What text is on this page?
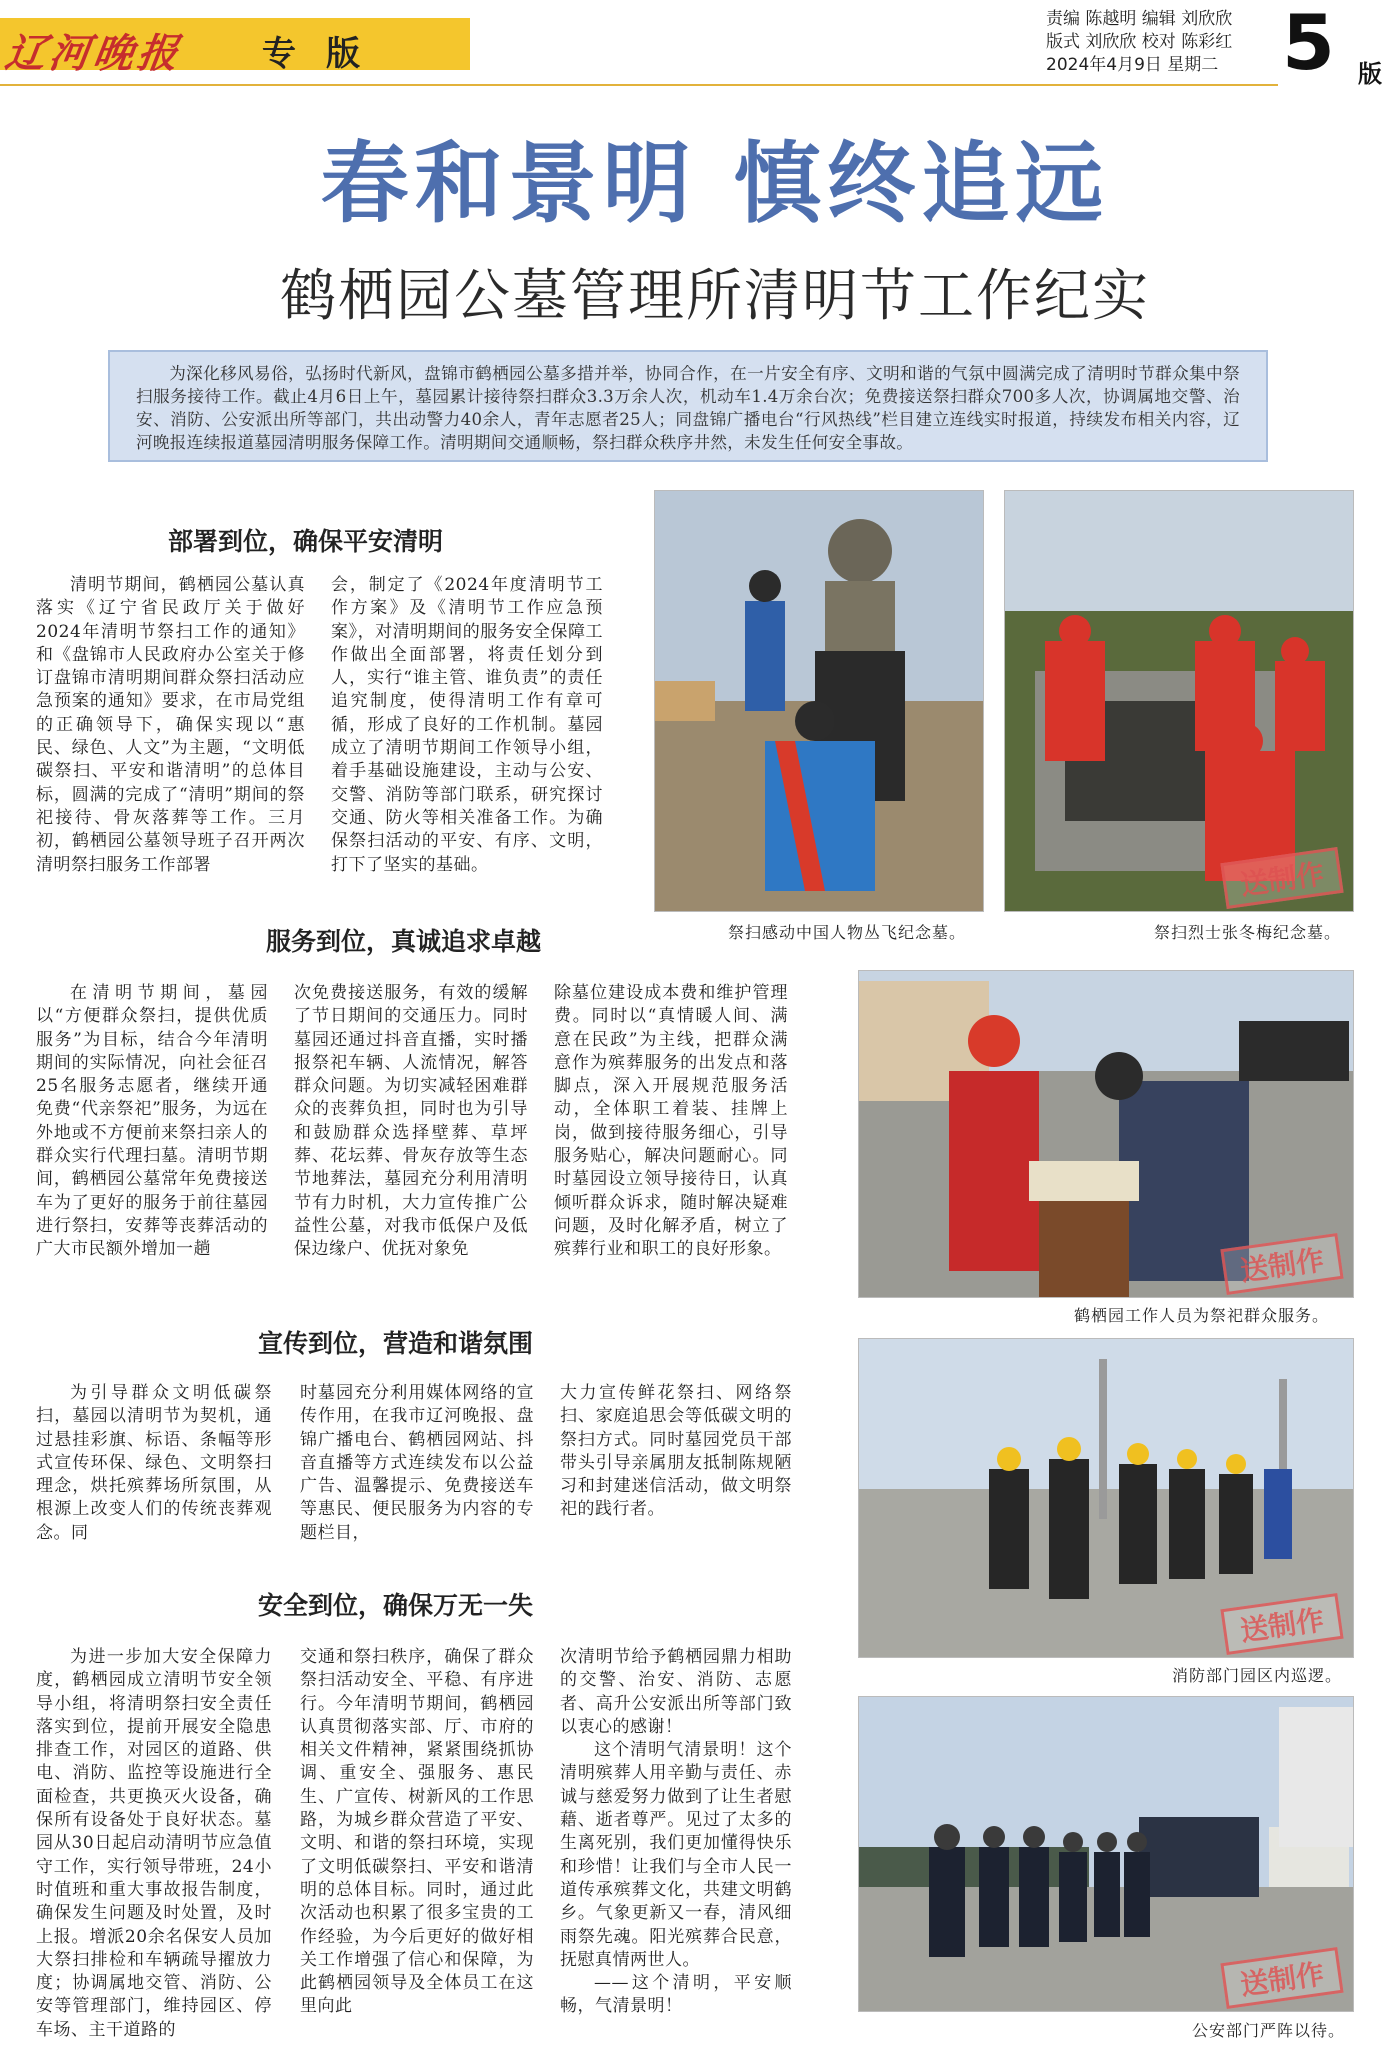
辽河晚报 专版
责编 陈越明 编辑 刘欣欣
版式 刘欣欣 校对 陈彩红
2024年4月9日 星期二 5 版
春和景明 慎终追远
鹤栖园公墓管理所清明节工作纪实
为深化移风易俗，弘扬时代新风，盘锦市鹤栖园公墓多措并举，协同合作，在一片安全有序、文明和谐的气氛中圆满完成了清明时节群众集中祭扫服务接待工作。截止4月6日上午，墓园累计接待祭扫群众3.3万余人次，机动车1.4万余台次；免费接送祭扫群众700多人次，协调属地交警、治安、消防、公安派出所等部门，共出动警力40余人，青年志愿者25人；同盘锦广播电台“行风热线”栏目建立连线实时报道，持续发布相关内容，辽河晚报连续报道墓园清明服务保障工作。清明期间交通顺畅，祭扫群众秩序井然，未发生任何安全事故。
部署到位，确保平安清明

清明节期间，鹤栖园公墓认真落实《辽宁省民政厅关于做好2024年清明节祭扫工作的通知》和《盘锦市人民政府办公室关于修订盘锦市清明期间群众祭扫活动应急预案的通知》要求，在市局党组的正确领导下，确保实现以“惠民、绿色、人文”为主题，“文明低碳祭扫、平安和谐清明”的总体目标，圆满的完成了“清明”期间的祭祀接待、骨灰落葬等工作。三月初，鹤栖园公墓领导班子召开两次清明祭扫服务工作部署

会，制定了《2024年度清明节工作方案》及《清明节工作应急预案》，对清明期间的服务安全保障工作做出全面部署，将责任划分到人，实行“谁主管、谁负责”的责任追究制度，使得清明工作有章可循，形成了良好的工作机制。墓园成立了清明节期间工作领导小组，着手基础设施建设，主动与公安、交警、消防等部门联系，研究探讨交通、防火等相关准备工作。为确保祭扫活动的平安、有序、文明，打下了坚实的基础。

祭扫感动中国人物丛飞纪念墓。
送制作
祭扫烈士张冬梅纪念墓。
服务到位，真诚追求卓越

在清明节期间，墓园以“方便群众祭扫，提供优质服务”为目标，结合今年清明期间的实际情况，向社会征召25名服务志愿者，继续开通免费“代亲祭祀”服务，为远在外地或不方便前来祭扫亲人的群众实行代理扫墓。清明节期间，鹤栖园公墓常年免费接送车为了更好的服务于前往墓园进行祭扫，安葬等丧葬活动的广大市民额外增加一趟

次免费接送服务，有效的缓解了节日期间的交通压力。同时墓园还通过抖音直播，实时播报祭祀车辆、人流情况，解答群众问题。为切实减轻困难群众的丧葬负担，同时也为引导和鼓励群众选择壁葬、草坪葬、花坛葬、骨灰存放等生态节地葬法，墓园充分利用清明节有力时机，大力宣传推广公益性公墓，对我市低保户及低保边缘户、优抚对象免

除墓位建设成本费和维护管理费。同时以“真情暖人间、满意在民政”为主线，把群众满意作为殡葬服务的出发点和落脚点，深入开展规范服务活动，全体职工着装、挂牌上岗，做到接待服务细心，引导服务贴心，解决问题耐心。同时墓园设立领导接待日，认真倾听群众诉求，随时解决疑难问题，及时化解矛盾，树立了殡葬行业和职工的良好形象。	送制作
鹤栖园工作人员为祭祀群众服务。
宣传到位，营造和谐氛围

为引导群众文明低碳祭扫，墓园以清明节为契机，通过悬挂彩旗、标语、条幅等形式宣传环保、绿色、文明祭扫理念，烘托殡葬场所氛围，从根源上改变人们的传统丧葬观念。同

时墓园充分利用媒体网络的宣传作用，在我市辽河晚报、盘锦广播电台、鹤栖园网站、抖音直播等方式连续发布以公益广告、温馨提示、免费接送车等惠民、便民服务为内容的专题栏目，

大力宣传鲜花祭扫、网络祭扫、家庭追思会等低碳文明的祭扫方式。同时墓园党员干部带头引导亲属朋友抵制陈规陋习和封建迷信活动，做文明祭祀的践行者。

送制作
消防部门园区内巡逻。
安全到位，确保万无一失

为进一步加大安全保障力度，鹤栖园成立清明节安全领导小组，将清明祭扫安全责任落实到位，提前开展安全隐患排查工作，对园区的道路、供电、消防、监控等设施进行全面检查，共更换灭火设备，确保所有设备处于良好状态。墓园从30日起启动清明节应急值守工作，实行领导带班，24小时值班和重大事故报告制度，确保发生问题及时处置，及时上报。增派20余名保安人员加大祭扫排检和车辆疏导擢放力度；协调属地交管、消防、公安等管理部门，维持园区、停车场、主干道路的

交通和祭扫秩序，确保了群众祭扫活动安全、平稳、有序进行。今年清明节期间，鹤栖园认真贯彻落实部、厅、市府的相关文件精神，紧紧围绕抓协调、重安全、强服务、惠民生、广宣传、树新风的工作思路，为城乡群众营造了平安、文明、和谐的祭扫环境，实现了文明低碳祭扫、平安和谐清明的总体目标。同时，通过此次活动也积累了很多宝贵的工作经验，为今后更好的做好相关工作增强了信心和保障，为此鹤栖园领导及全体员工在这里向此

次清明节给予鹤栖园鼎力相助的交警、治安、消防、志愿者、高升公安派出所等部门致以衷心的感谢！

这个清明气清景明！这个清明殡葬人用辛勤与责任、赤诚与慈爱努力做到了让生者慰藉、逝者尊严。见过了太多的生离死别，我们更加懂得快乐和珍惜！让我们与全市人民一道传承殡葬文化，共建文明鹤乡。气象更新又一春，清风细雨祭先魂。阳光殡葬合民意，抚慰真情两世人。

——这个清明，平安顺畅，气清景明！

送制作
公安部门严阵以待。
